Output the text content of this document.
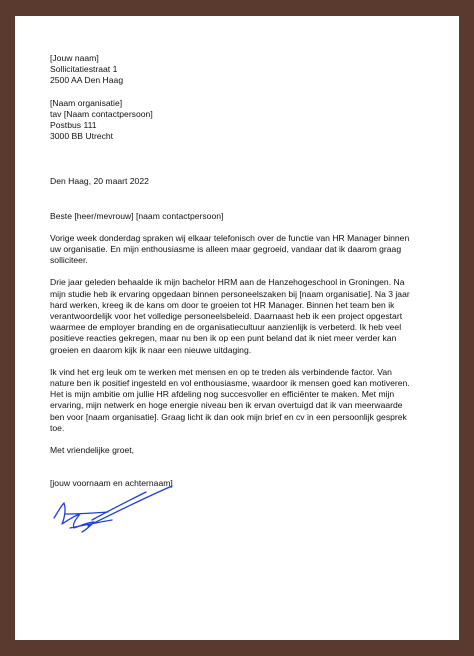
[Jouw naam]
Sollicitatiestraat 1
2500 AA Den Haag
[Naam organisatie]
tav [Naam contactpersoon]
Postbus 111
3000 BB Utrecht
Den Haag, 20 maart 2022
Beste [heer/mevrouw] [naam contactpersoon]
Vorige week donderdag spraken wij elkaar telefonisch over de functie van HR Manager binnen
uw organisatie. En mijn enthousiasme is alleen maar gegroeid, vandaar dat ik daarom graag
solliciteer.
Drie jaar geleden behaalde ik mijn bachelor HRM aan de Hanzehogeschool in Groningen. Na
mijn studie heb ik ervaring opgedaan binnen personeelszaken bij [naam organisatie]. Na 3 jaar
hard werken, kreeg ik de kans om door te groeien tot HR Manager. Binnen het team ben ik
verantwoordelijk voor het volledige personeelsbeleid. Daarnaast heb ik een project opgestart
waarmee de employer branding en de organisatiecultuur aanzienlijk is verbeterd. Ik heb veel
positieve reacties gekregen, maar nu ben ik op een punt beland dat ik niet meer verder kan
groeien en daarom kijk ik naar een nieuwe uitdaging.
Ik vind het erg leuk om te werken met mensen en op te treden als verbindende factor. Van
nature ben ik positief ingesteld en vol enthousiasme, waardoor ik mensen goed kan motiveren.
Het is mijn ambitie om jullie HR afdeling nog succesvoller en efficiënter te maken. Met mijn
ervaring, mijn netwerk en hoge energie niveau ben ik ervan overtuigd dat ik van meerwaarde
ben voor [naam organisatie]. Graag licht ik dan ook mijn brief en cv in een persoonlijk gesprek
toe.
Met vriendelijke groet,
[jouw voornaam en achternaam]
